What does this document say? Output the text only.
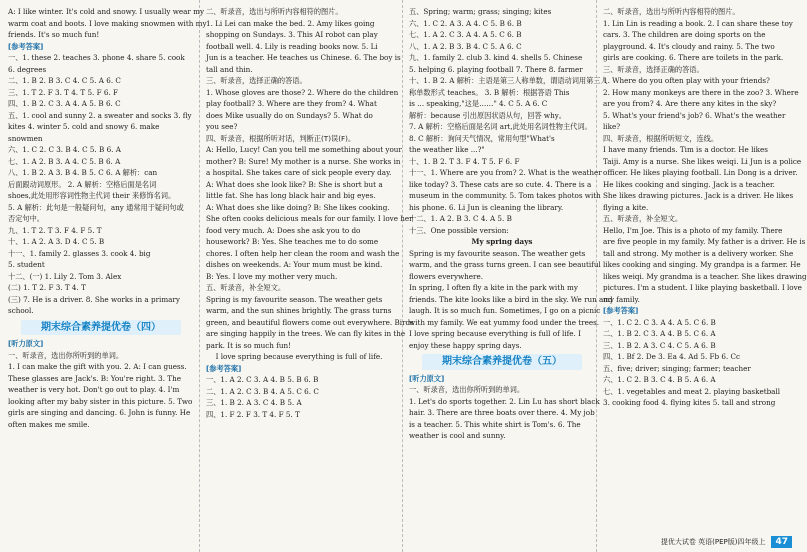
A: I like winter. It's cold and snowy. I usually wear my

warm coat and boots. I love making snowmen with my

friends. It's so much fun!

[参考答案]

一、1. these 2. teaches 3. phone 4. share 5. cook

6. degrees

二、1. B 2. B 3. C 4. C 5. A 6. C

三、1. T 2. F 3. T 4. T 5. F 6. F

四、1. B 2. C 3. A 4. A 5. B 6. C

五、1. cool and sunny 2. a sweater and socks 3. fly

kites 4. winter 5. cold and snowy 6. make

snowmen

六、1. C 2. C 3. B 4. C 5. B 6. A

七、1. A 2. B 3. A 4. C 5. B 6. A

八、1. B 2. A 3. B 4. B 5. C 6. A 解析：can

后面跟动词原形。 2. A 解析：空格后面是名词

shoes,此处用形容词性物主代词 their 来修饰名词。

5. A 解析：此句是一般疑问句，any 通常用于疑问句或

否定句中。

九、1. T 2. T 3. F 4. F 5. T

十、1. A 2. A 3. D 4. C 5. B

十一、1. family 2. glasses 3. cook 4. big

5. student

十二、(一) 1. Lily 2. Tom 3. Alex

(二) 1. T 2. F 3. T 4. T

(三) 7. He is a driver. 8. She works in a primary

school.

期末综合素养提优卷（四）

[听力原文]

一、听录音，选出你所听到的单词。

1. I can make the gift with you. 2. A: I can guess.

These glasses are Jack's. B: You're right. 3. The

weather is very hot. Don't go out to play. 4. I'm

looking after my baby sister in this picture. 5. Two

girls are singing and dancing. 6. John is funny. He

often makes me smile.

二、听录音，选出与所听内容相符的图片。

1. Li Lei can make the bed. 2. Amy likes going

shopping on Sundays. 3. This AI robot can play

football well. 4. Lily is reading books now. 5. Li

Jun is a teacher. He teaches us Chinese. 6. The boy is

tall and thin.

三、听录音，选择正确的答语。

1. Whose gloves are those? 2. Where do the children

play football? 3. Where are they from? 4. What

does Mike usually do on Sundays? 5. What do

you see?

四、听录音，根据所听对话，判断正(T)误(F)。

A: Hello, Lucy! Can you tell me something about your

mother? B: Sure! My mother is a nurse. She works in

a hospital. She takes care of sick people every day.

A: What does she look like? B: She is short but a

little fat. She has long black hair and big eyes.

A: What does she like doing? B: She likes cooking.

She often cooks delicious meals for our family. I love her

food very much. A: Does she ask you to do

housework? B: Yes. She teaches me to do some

chores. I often help her clean the room and wash the

dishes on weekends. A: Your mum must be kind.

B: Yes. I love my mother very much.

五、听录音，补全短文。

Spring is my favourite season. The weather gets

warm, and the sun shines brightly. The grass turns

green, and beautiful flowers come out everywhere. Birds

are singing happily in the trees. We can fly kites in the

park. It is so much fun!

I love spring because everything is full of life.

[参考答案]

一、1. A 2. C 3. A 4. B 5. B 6. B

二、1. A 2. C 3. B 4. A 5. C 6. C

三、1. B 2. A 3. C 4. B 5. A

四、1. F 2. F 3. T 4. F 5. T

五、Spring; warm; grass; singing; kites

六、1. C 2. A 3. A 4. C 5. B 6. B

七、1. A 2. C 3. A 4. A 5. C 6. B

八、1. A 2. B 3. B 4. C 5. A 6. C

九、1. family 2. club 3. kind 4. shells 5. Chinese

5. helping 6. playing football 7. There 8. farmer

十、1. B 2. A 解析：主语是第三人称单数，谓语动词用第三人

称单数形式 teaches。 3. B 解析：根据答语 This

is ... speaking,"这是……" 4. C 5. A 6. C

解析：because 引出原因状语从句，回答 why。

7. A 解析：空格后面是名词 art,此处用名词性物主代词。

8. C 解析：询问天气情况，常用句型"What's

the weather like ...?"

十、1. B 2. T 3. F 4. T 5. F 6. F

十一、1. Where are you from? 2. What is the weather

like today? 3. These cats are so cute. 4. There is a

museum in the community. 5. Tom takes photos with

his phone. 6. Li Jun is cleaning the library.

十二、1. A 2. B 3. C 4. A 5. B

十三、One possible version:

My spring days

Spring is my favourite season. The weather gets

warm, and the grass turns green. I can see beautiful

flowers everywhere.

In spring, I often fly a kite in the park with my

friends. The kite looks like a bird in the sky. We run and

laugh. It is so much fun. Sometimes, I go on a picnic

with my family. We eat yummy food under the trees.

I love spring because everything is full of life. I

enjoy these happy spring days.

期末综合素养提优卷（五）

[听力原文]

一、听录音，选出你所听到的单词。

1. Let's do sports together. 2. Lin Lu has short black

hair. 3. There are three boats over there. 4. My job

is a teacher. 5. This white shirt is Tom's. 6. The

weather is cool and sunny.

二、听录音，选出与所听内容相符的图片。

1. Lin Lin is reading a book. 2. I can share these toy

cars. 3. The children are doing sports on the

playground. 4. It's cloudy and rainy. 5. The two

girls are cooking. 6. There are toilets in the park.

三、听录音，选择正确的答语。

1. Where do you often play with your friends?

2. How many monkeys are there in the zoo? 3. Where

are you from? 4. Are there any kites in the sky?

5. What's your friend's job? 6. What's the weather

like?

四、听录音，根据所听短文，连线。

I have many friends. Tim is a doctor. He likes

Taiji. Amy is a nurse. She likes weiqi. Li Jun is a police

officer. He likes playing football. Lin Dong is a driver.

He likes cooking and singing. Jack is a teacher.

She likes drawing pictures. Jack is a driver. He likes

flying a kite.

五、听录音，补全短文。

Hello, I'm Joe. This is a photo of my family. There

are five people in my family. My father is a driver. He is

tall and strong. My mother is a delivery worker. She

likes cooking and singing. My grandpa is a farmer. He

likes weiqi. My grandma is a teacher. She likes drawing

pictures. I'm a student. I like playing basketball. I love

my family.

[参考答案]

一、1. C 2. C 3. A 4. A 5. C 6. B

二、1. B 2. C 3. A 4. B 5. C 6. A

三、1. B 2. A 3. C 4. C 5. A 6. B

四、1. Bf 2. De 3. Ea 4. Ad 5. Fb 6. Cc

五、five; driver; singing; farmer; teacher

六、1. C 2. B 3. C 4. B 5. A 6. A

七、1. vegetables and meat 2. playing basketball

3. cooking food 4. flying kites 5. tall and strong

提优大试卷 英语(PEP版)四年级上	47
